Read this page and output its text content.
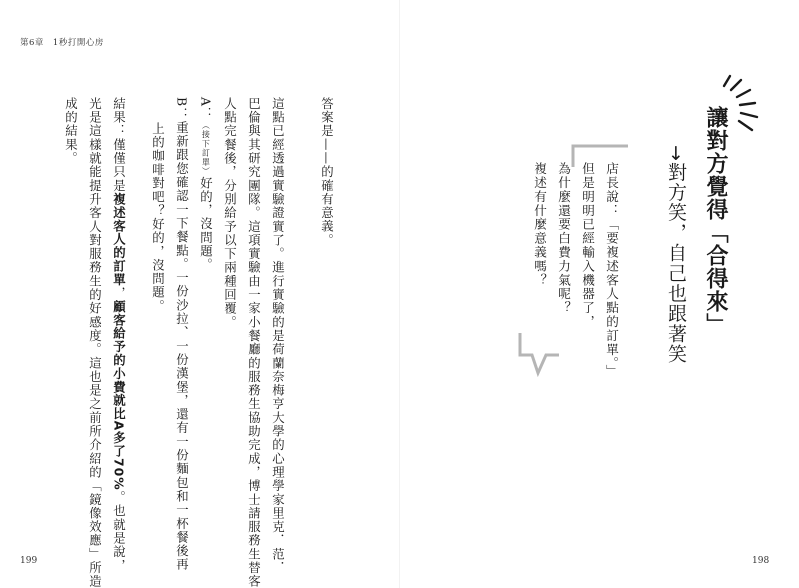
第6章　1秒打開心房
199
答案是——的確有意義。
這點已經透過實驗證實了。進行實驗的是荷蘭奈梅亨大學的心理學家里克．范．
巴倫與其研究團隊。這項實驗由一家小餐廳的服務生協助完成，博士請服務生替客
人點完餐後，分別給予以下兩種回覆。
A：（接下訂單）好的，沒問題。
B：重新跟您確認一下餐點。一份沙拉、一份漢堡，還有一份麵包和一杯餐後再
上的咖啡對吧？好的，沒問題。
結果：僅僅只是複述客人的訂單，顧客給予的小費就比A多了70%。也就是說，
光是這樣就能提升客人對服務生的好感度。這也是之前所介紹的「鏡像效應」所造
成的結果。	讓對方覺得「合得來」
→對方笑，自己也跟著笑
店長說：「要複述客人點的訂單。」
但是明明已經輸入機器了，
為什麼還要白費力氣呢？
複述有什麼意義嗎？
198
